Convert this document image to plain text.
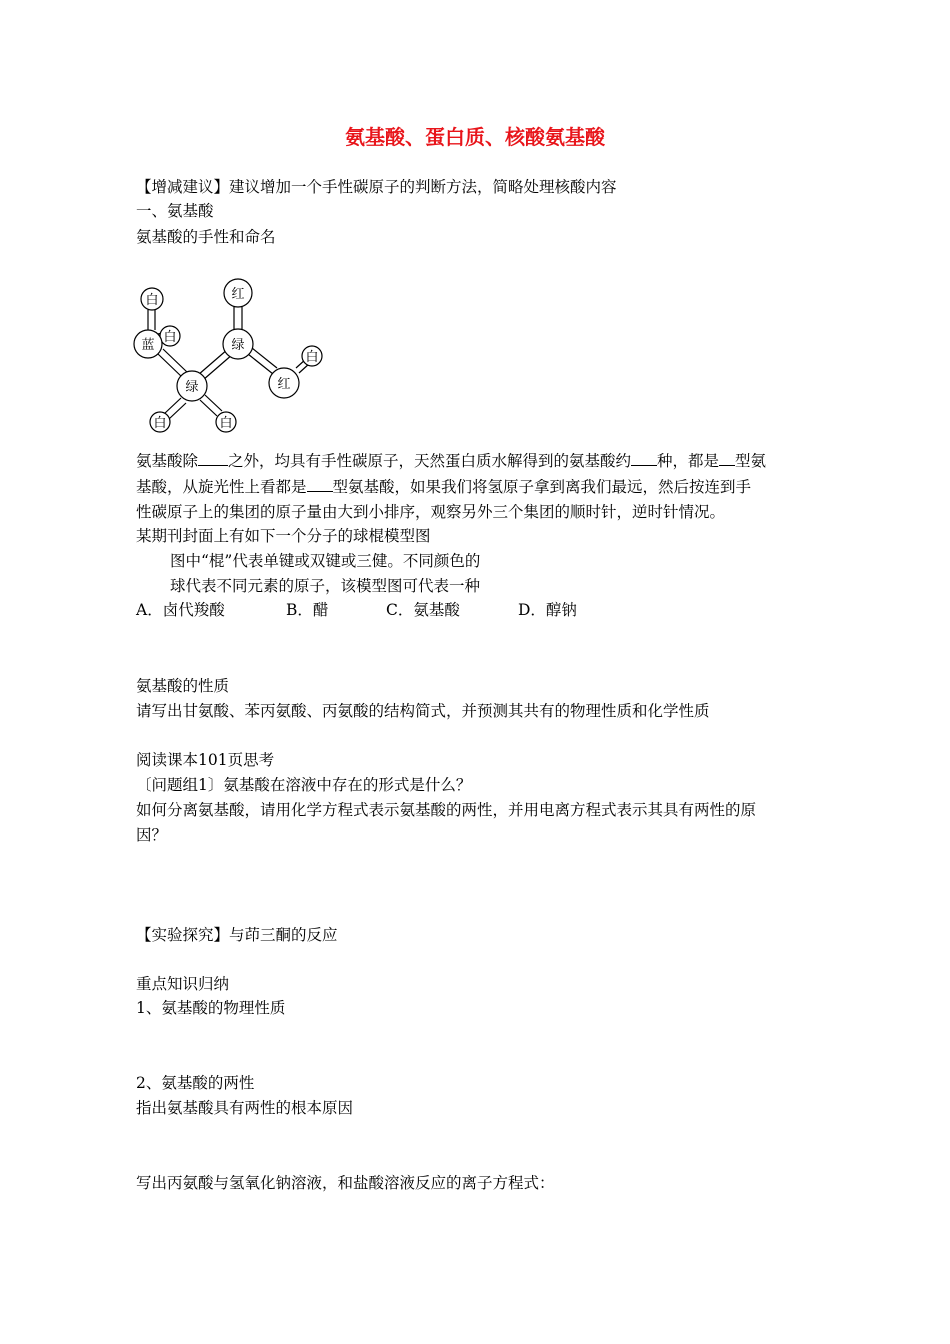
氨基酸、蛋白质、核酸氨基酸
【增减建议】建议增加一个手性碳原子的判断方法，简略处理核酸内容
一、氨基酸
氨基酸的手性和命名
白
白
蓝
红
绿
绿
白
红
白	白
氨基酸除 之外，均具有手性碳原子，天然蛋白质水解得到的氨基酸约 种，都是 型氨
基酸，从旋光性上看都是 型氨基酸，如果我们将氢原子拿到离我们最远，然后按连到手
性碳原子上的集团的原子量由大到小排序，观察另外三个集团的顺时针，逆时针情况。
某期刊封面上有如下一个分子的球棍模型图
图中“棍”代表单键或双键或三健。不同颜色的
球代表不同元素的原子，该模型图可代表一种
A．卤代羧酸	B．醋	C．氨基酸	D．醇钠
氨基酸的性质
请写出甘氨酸、苯丙氨酸、丙氨酸的结构简式，并预测其共有的物理性质和化学性质
阅读课本101页思考
〔问题组1〕氨基酸在溶液中存在的形式是什么？
如何分离氨基酸，请用化学方程式表示氨基酸的两性，并用电离方程式表示其具有两性的原
因？
【实验探究】与茚三酮的反应
重点知识归纳
1、氨基酸的物理性质
2、氨基酸的两性
指出氨基酸具有两性的根本原因
写出丙氨酸与氢氧化钠溶液，和盐酸溶液反应的离子方程式：
